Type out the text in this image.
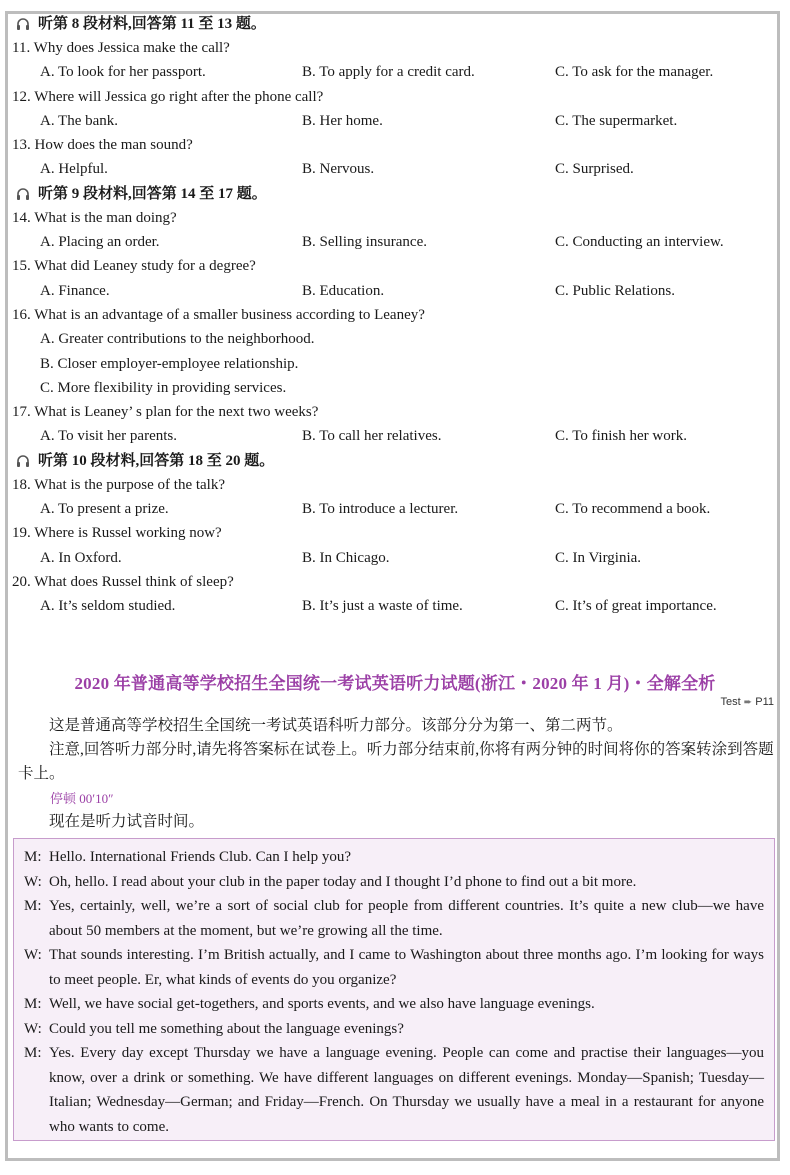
听第 8 段材料,回答第 11 至 13 题。
11. Why does Jessica make the call?
A. To look for her passport.	B. To apply for a credit card.	C. To ask for the manager.
12. Where will Jessica go right after the phone call?
A. The bank.	B. Her home.	C. The supermarket.
13. How does the man sound?
A. Helpful.	B. Nervous.	C. Surprised.
听第 9 段材料,回答第 14 至 17 题。
14. What is the man doing?
A. Placing an order.	B. Selling insurance.	C. Conducting an interview.
15. What did Leaney study for a degree?
A. Finance.	B. Education.	C. Public Relations.
16. What is an advantage of a smaller business according to Leaney?
A. Greater contributions to the neighborhood.
B. Closer employer-employee relationship.
C. More flexibility in providing services.
17. What is Leaney’ s plan for the next two weeks?
A. To visit her parents.	B. To call her relatives.	C. To finish her work.
听第 10 段材料,回答第 18 至 20 题。
18. What is the purpose of the talk?
A. To present a prize.	B. To introduce a lecturer.	C. To recommend a book.
19. Where is Russel working now?
A. In Oxford.	B. In Chicago.	C. In Virginia.
20. What does Russel think of sleep?
A. It’s seldom studied.	B. It’s just a waste of time.	C. It’s of great importance.
2020 年普通高等学校招生全国统一考试英语听力试题(浙江・2020 年 1 月)・全解全析
Test ➨ P11
这是普通高等学校招生全国统一考试英语科听力部分。该部分分为第一、第二两节。
注意,回答听力部分时,请先将答案标在试卷上。听力部分结束前,你将有两分钟的时间将你的答案转涂到答题卡上。
停顿 00′10″
现在是听力试音时间。
M: Hello. International Friends Club. Can I help you?
W: Oh, hello. I read about your club in the paper today and I thought I’d phone to find out a bit more.
M: Yes, certainly, well, we’re a sort of social club for people from different countries. It’s quite a new club—we have about 50 members at the moment, but we’re growing all the time.
W: That sounds interesting. I’m British actually, and I came to Washington about three months ago. I’m looking for ways to meet people. Er, what kinds of events do you organize?
M: Well, we have social get-togethers, and sports events, and we also have language evenings.
W: Could you tell me something about the language evenings?
M: Yes. Every day except Thursday we have a language evening. People can come and practise their languages—you know, over a drink or something. We have different languages on different evenings. Monday—Spanish; Tuesday—Italian; Wednesday—German; and Friday—French. On Thursday we usually have a meal in a restaurant for anyone who wants to come.
